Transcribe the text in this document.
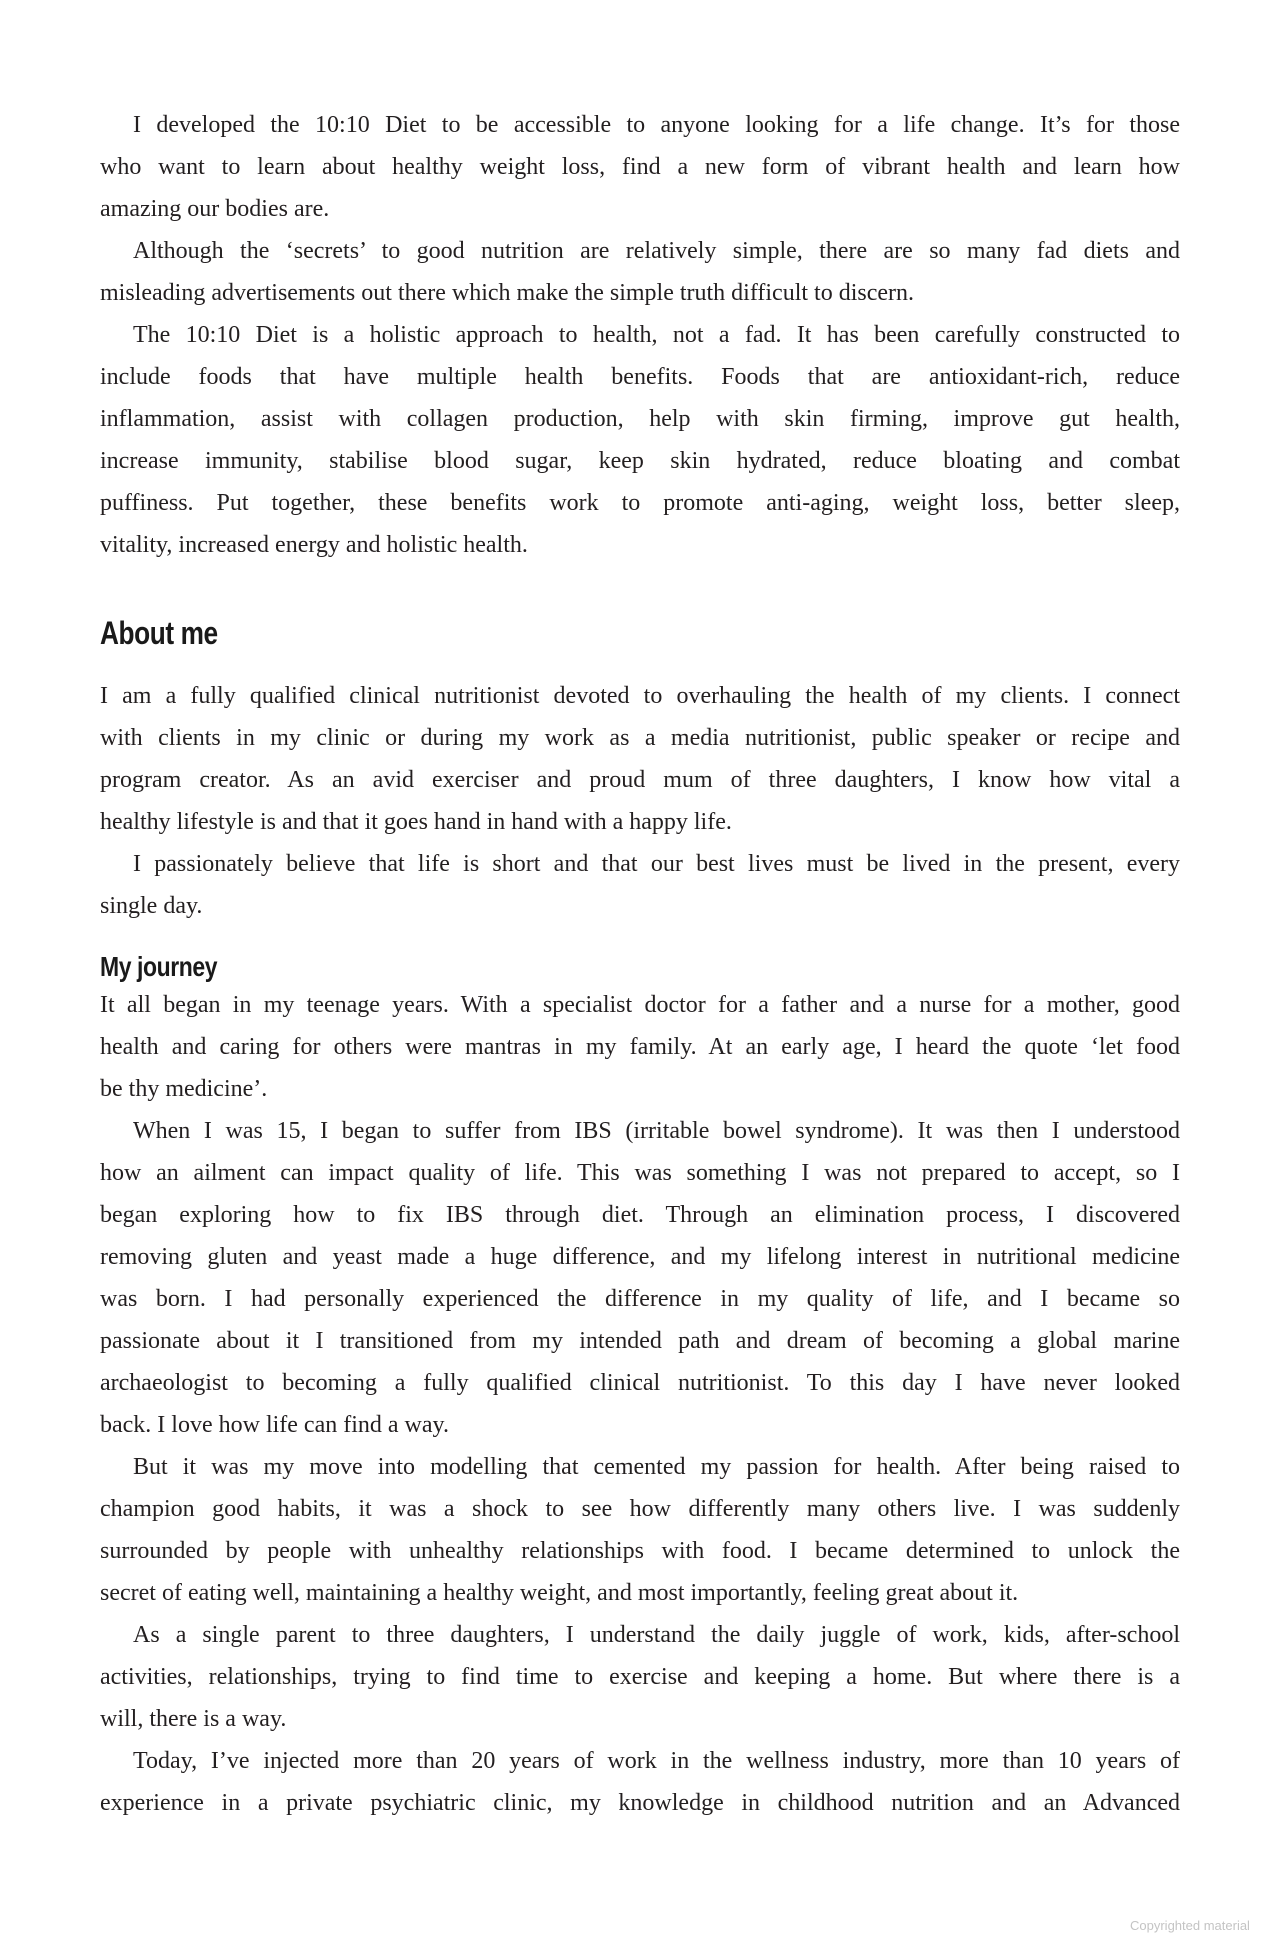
I developed the 10:10 Diet to be accessible to anyone looking for a life change. It’s for those
who want to learn about healthy weight loss, find a new form of vibrant health and learn how
amazing our bodies are.
Although the ‘secrets’ to good nutrition are relatively simple, there are so many fad diets and
misleading advertisements out there which make the simple truth difficult to discern.
The 10:10 Diet is a holistic approach to health, not a fad. It has been carefully constructed to
include foods that have multiple health benefits. Foods that are antioxidant-rich, reduce
inflammation, assist with collagen production, help with skin firming, improve gut health,
increase immunity, stabilise blood sugar, keep skin hydrated, reduce bloating and combat
puffiness. Put together, these benefits work to promote anti-aging, weight loss, better sleep,
vitality, increased energy and holistic health.
About me
I am a fully qualified clinical nutritionist devoted to overhauling the health of my clients. I connect
with clients in my clinic or during my work as a media nutritionist, public speaker or recipe and
program creator. As an avid exerciser and proud mum of three daughters, I know how vital a
healthy lifestyle is and that it goes hand in hand with a happy life.
I passionately believe that life is short and that our best lives must be lived in the present, every
single day.
My journey
It all began in my teenage years. With a specialist doctor for a father and a nurse for a mother, good
health and caring for others were mantras in my family. At an early age, I heard the quote ‘let food
be thy medicine’.
When I was 15, I began to suffer from IBS (irritable bowel syndrome). It was then I understood
how an ailment can impact quality of life. This was something I was not prepared to accept, so I
began exploring how to fix IBS through diet. Through an elimination process, I discovered
removing gluten and yeast made a huge difference, and my lifelong interest in nutritional medicine
was born. I had personally experienced the difference in my quality of life, and I became so
passionate about it I transitioned from my intended path and dream of becoming a global marine
archaeologist to becoming a fully qualified clinical nutritionist. To this day I have never looked
back. I love how life can find a way.
But it was my move into modelling that cemented my passion for health. After being raised to
champion good habits, it was a shock to see how differently many others live. I was suddenly
surrounded by people with unhealthy relationships with food. I became determined to unlock the
secret of eating well, maintaining a healthy weight, and most importantly, feeling great about it.
As a single parent to three daughters, I understand the daily juggle of work, kids, after-school
activities, relationships, trying to find time to exercise and keeping a home. But where there is a
will, there is a way.
Today, I’ve injected more than 20 years of work in the wellness industry, more than 10 years of
experience in a private psychiatric clinic, my knowledge in childhood nutrition and an Advanced
Copyrighted material
